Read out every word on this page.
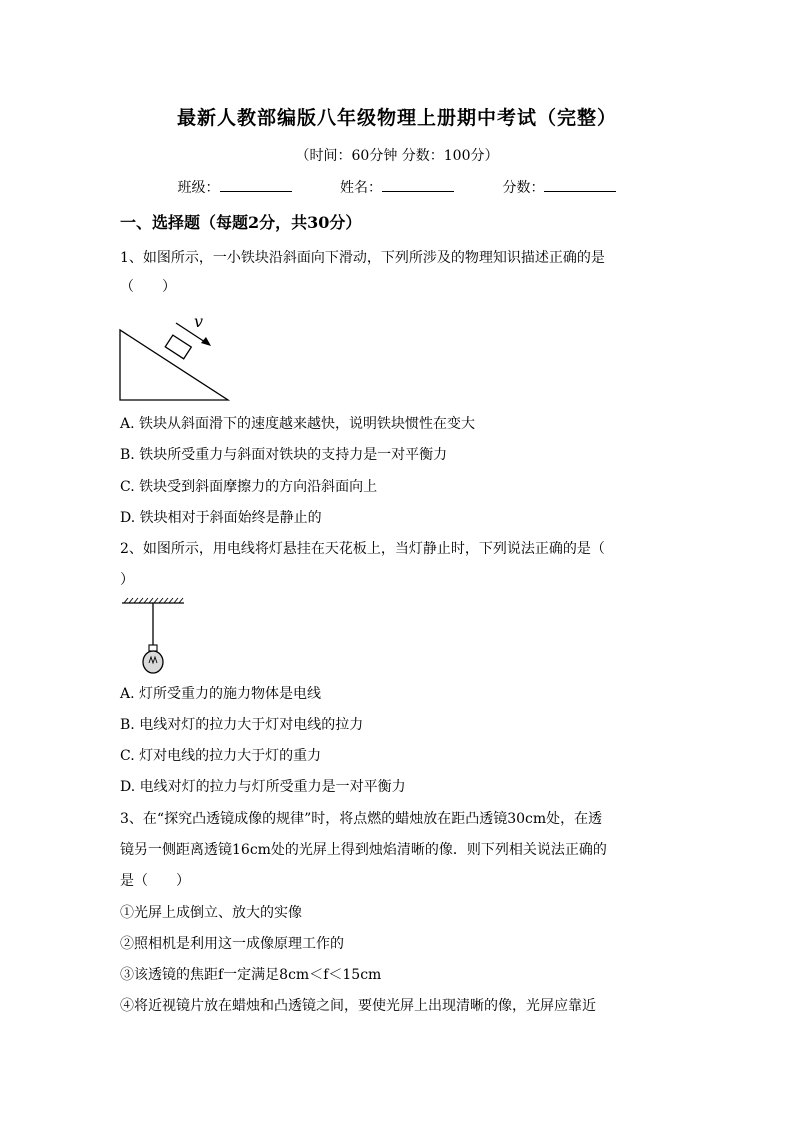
最新人教部编版八年级物理上册期中考试（完整）
（时间：60分钟 分数：100分）
班级：	姓名：	分数：
一、选择题（每题2分，共30分）
1、如图所示，一小铁块沿斜面向下滑动，下列所涉及的物理知识描述正确的是
（　　）
v
A. 铁块从斜面滑下的速度越来越快，说明铁块惯性在变大
B. 铁块所受重力与斜面对铁块的支持力是一对平衡力
C. 铁块受到斜面摩擦力的方向沿斜面向上
D. 铁块相对于斜面始终是静止的
2、如图所示，用电线将灯悬挂在天花板上，当灯静止时，下列说法正确的是（
）
A. 灯所受重力的施力物体是电线
B. 电线对灯的拉力大于灯对电线的拉力
C. 灯对电线的拉力大于灯的重力
D. 电线对灯的拉力与灯所受重力是一对平衡力
3、在“探究凸透镜成像的规律”时，将点燃的蜡烛放在距凸透镜30cm处，在透
镜另一侧距离透镜16cm处的光屏上得到烛焰清晰的像．则下列相关说法正确的
是（　　）
①光屏上成倒立、放大的实像
②照相机是利用这一成像原理工作的
③该透镜的焦距f一定满足8cm＜f＜15cm
④将近视镜片放在蜡烛和凸透镜之间，要使光屏上出现清晰的像，光屏应靠近
